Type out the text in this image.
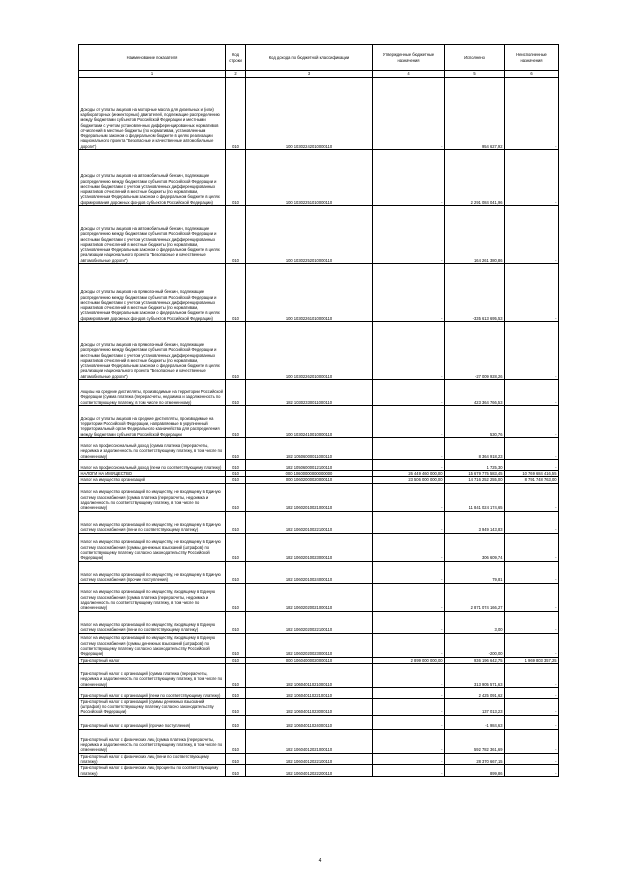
Наименование показателя	Код строки	Код дохода по бюджетной классификации	Утвержденные бюджетные назначения	Исполнено	Неисполненные назначения
1	2	3	4	5	6
Доходы от уплаты акцизов на моторные масла для дизельных и (или) карбюраторных (инжекторных) двигателей, подлежащие распределению между бюджетами субъектов Российской Федерации и местными бюджетами с учетом установленных дифференцированных нормативов отчислений в местные бюджеты (по нормативам, установленным Федеральным законом о федеральном бюджете в целях реализации национального проекта "Безопасные и качественные автомобильные дороги")	010	100 10302242010000110	-	954 627,92	-
Доходы от уплаты акцизов на автомобильный бензин, подлежащие распределению между бюджетами субъектов Российской Федерации и местными бюджетами с учетом установленных дифференцированных нормативов отчислений в местные бюджеты (по нормативам, установленным Федеральным законом о федеральном бюджете в целях формирования дорожных фондов субъектов Российской Федерации)	010	100 10302251010000110	-	2 291 084 041,96	-
Доходы от уплаты акцизов на автомобильный бензин, подлежащие распределению между бюджетами субъектов Российской Федерации и местными бюджетами с учетом установленных дифференцированных нормативов отчислений в местные бюджеты (по нормативам, установленным Федеральным законом о федеральном бюджете в целях реализации национального проекта "Безопасные и качественные автомобильные дороги")	010	100 10302252010000110	-	164 261 380,86	-
Доходы от уплаты акцизов на прямогонный бензин, подлежащие распределению между бюджетами субъектов Российской Федерации и местными бюджетами с учетом установленных дифференцированных нормативов отчислений в местные бюджеты (по нормативам, установленным Федеральным законом о федеральном бюджете в целях формирования дорожных фондов субъектов Российской Федерации)	010	100 10302261010000110	-	-335 613 695,53	-
Доходы от уплаты акцизов на прямогонный бензин, подлежащие распределению между бюджетами субъектов Российской Федерации и местными бюджетами с учетом установленных дифференцированных нормативов отчислений в местные бюджеты (по нормативам, установленным Федеральным законом о федеральном бюджете в целях реализации национального проекта "Безопасные и качественные автомобильные дороги")	010	100 10302262010000110	-	-27 009 928,26	-
Акцизы на средние дистилляты, производимые на территории Российской Федерации (сумма платежа (перерасчеты, недоимка и задолженность по соответствующему платежу, в том числе по отмененному)	010	182 10302330011000110	-	423 364 766,53	-
Доходы от уплаты акцизов на средние дистилляты, производимые на территории Российской Федерации, направляемые в укрупненный территориальный орган Федерального казначейства для распределения между бюджетами субъектов Российской Федерации	010	100 10302410010000110	-	530,76	-
Налог на профессиональный доход (сумма платежа (перерасчеты, недоимка и задолженность по соответствующему платежу, в том числе по отмененному)	010	182 10506000011000110	-	8 364 918,23	-
Налог на профессиональный доход (пени по соответствующему платежу)	010	182 10506000012100110	-	1 725,30	-
НАЛОГИ НА ИМУЩЕСТВО	010	000 10600000000000000	26 449 460 000,00	15 679 775 583,45	10 769 684 416,55
Налог на имущество организаций	010	000 10602000020000110	23 506 000 000,00	14 716 252 255,00	8 791 748 763,00
Налог на имущество организаций по имуществу, не входящему в Единую систему газоснабжения (сумма платежа (перерасчеты, недоимка и задолженность по соответствующему платежу, в том числе по отмененному)	010	182 10602010021000110	-	11 841 024 174,65	-
Налог на имущество организаций по имуществу, не входящему в Единую систему газоснабжения (пени по соответствующему платежу)	010	182 10602010022100110	-	3 949 143,83	-
Налог на имущество организаций по имуществу, не входящему в Единую систему газоснабжения (суммы денежных взысканий (штрафов) по соответствующему платежу согласно законодательству Российской Федерации)	010	182 10602010023000110	-	306 609,74	-
Налог на имущество организаций по имуществу, не входящему в Единую систему газоснабжения (прочие поступления)	010	182 10602010024000110	-	79,81	-
Налог на имущество организаций по имуществу, входящему в Единую систему газоснабжения (сумма платежа (перерасчеты, недоимка и задолженность по соответствующему платежу, в том числе по отмененному)	010	182 10602020021000110	-	2 871 074 166,27	-
Налог на имущество организаций по имуществу, входящему в Единую систему газоснабжения (пени по соответствующему платежу)	010	182 10602020022100110	-	3,00	-
Налог на имущество организаций по имуществу, входящему в Единую систему газоснабжения (суммы денежных взысканий (штрафов) по соответствующему платежу согласно законодательству Российской Федерации)	010	182 10602020023000110	-	-200,00	-
Транспортный налог	010	000 10604000020000110	2 899 000 000,00	936 196 642,75	1 969 803 357,25
Транспортный налог с организаций (сумма платежа (перерасчеты, недоимка и задолженность по соответствующему платежу, в том числе по отмененному)	010	182 10604011021000110	-	313 905 571,63	-
Транспортный налог с организаций (пени по соответствующему платежу)	010	182 10604011022100110	-	2 425 091,62	-
Транспортный налог с организаций (суммы денежных взысканий (штрафов) по соответствующему платежу согласно законодательству Российской Федерации)	010	182 10604011023000110	-	137 013,23	-
Транспортный налог с организаций (прочие поступления)	010	182 10604011024000110	-	-1 984,63	-
Транспортный налог с физических лиц (сумма платежа (перерасчеты, недоимка и задолженность по соответствующему платежу, в том числе по отмененному)	010	182 10604012021000110	-	592 782 361,69	-
Транспортный налог с физических лиц (пени по соответствующему платежу)	010	182 10604012022100110	-	28 370 667,15	-
Транспортный налог с физических лиц (проценты по соответствующему платежу)	010	182 10604012022200110	-	899,86	-
4
